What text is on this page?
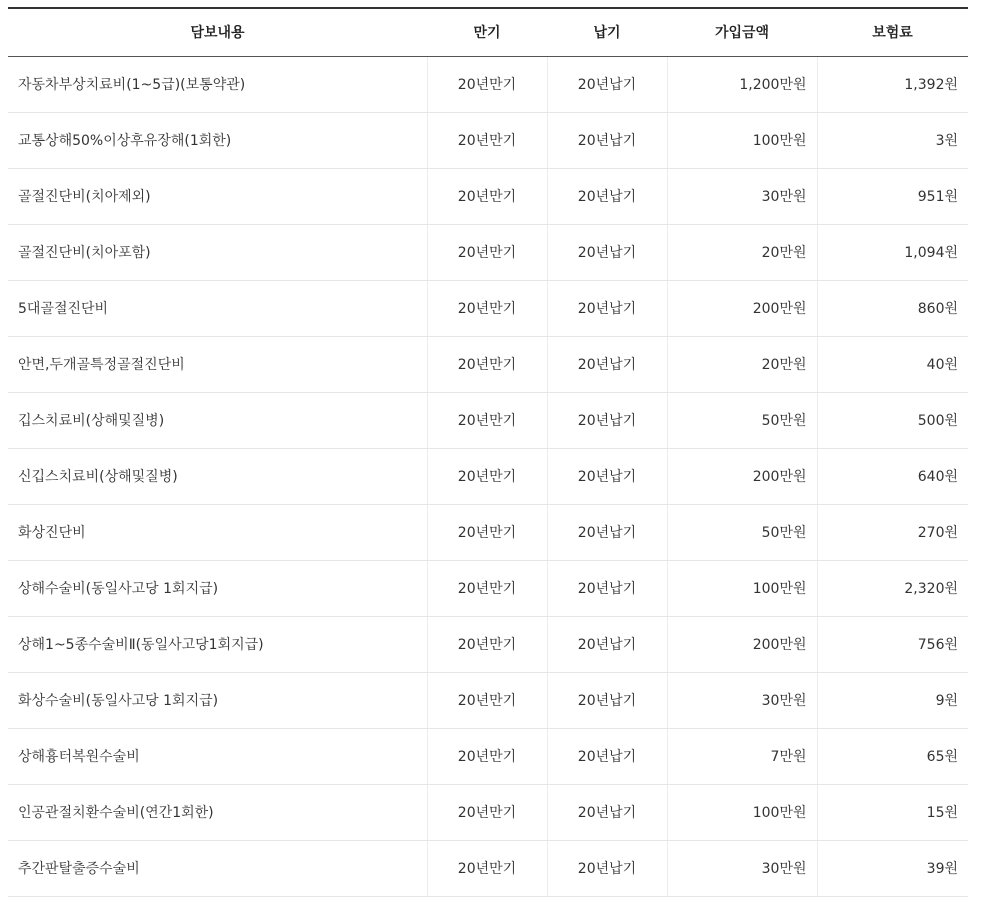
담보내용	만기	납기	가입금액	보험료
자동차부상치료비(1~5급)(보통약관)	20년만기	20년납기	1,200만원	1,392원
교통상해50%이상후유장해(1회한)	20년만기	20년납기	100만원	3원
골절진단비(치아제외)	20년만기	20년납기	30만원	951원
골절진단비(치아포함)	20년만기	20년납기	20만원	1,094원
5대골절진단비	20년만기	20년납기	200만원	860원
안면,두개골특정골절진단비	20년만기	20년납기	20만원	40원
깁스치료비(상해및질병)	20년만기	20년납기	50만원	500원
신깁스치료비(상해및질병)	20년만기	20년납기	200만원	640원
화상진단비	20년만기	20년납기	50만원	270원
상해수술비(동일사고당 1회지급)	20년만기	20년납기	100만원	2,320원
상해1~5종수술비Ⅱ(동일사고당1회지급)	20년만기	20년납기	200만원	756원
화상수술비(동일사고당 1회지급)	20년만기	20년납기	30만원	9원
상해흉터복원수술비	20년만기	20년납기	7만원	65원
인공관절치환수술비(연간1회한)	20년만기	20년납기	100만원	15원
추간판탈출증수술비	20년만기	20년납기	30만원	39원
